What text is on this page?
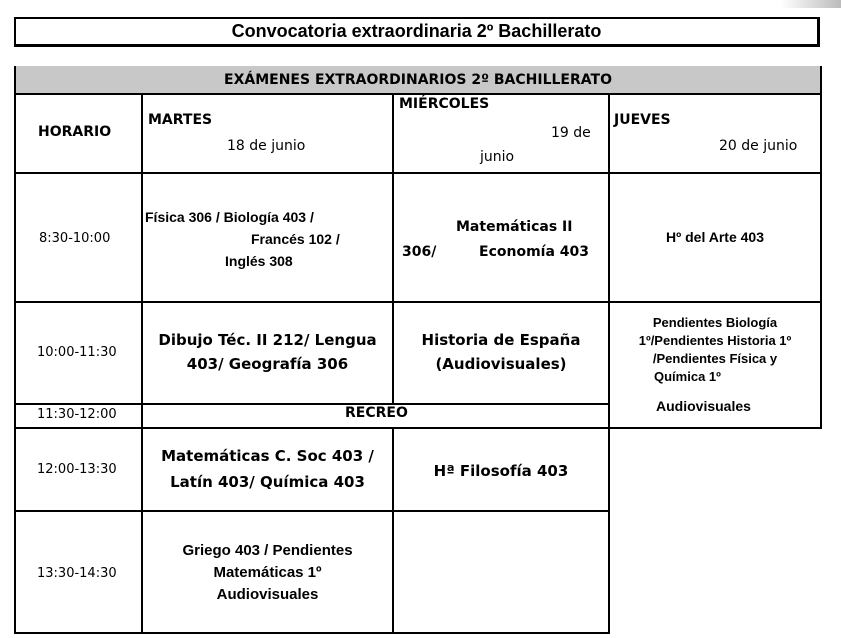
Convocatoria extraordinaria 2º Bachillerato
EXÁMENES EXTRAORDINARIOS 2º BACHILLERATO
HORARIO
MARTES
18 de junio
MIÉRCOLES
19 de
junio
JUEVES
20 de junio
8:30-10:00
10:00-11:30
11:30-12:00
12:00-13:30
13:30-14:30
RECREO
Física 306 / Biología 403 /
Francés 102 /
Inglés 308
Matemáticas II
306/	Economía 403
Hº del Arte 403
Dibujo Téc. II 212/ Lengua
403/ Geografía 306
Historia de España
(Audiovisuales)
Pendientes Biología
1º/Pendientes Historia 1º
/Pendientes Física y
Química 1º
Audiovisuales
Matemáticas C. Soc 403 /
Latín 403/ Química 403
Hª Filosofía 403
Griego 403 / Pendientes
Matemáticas 1º
Audiovisuales
